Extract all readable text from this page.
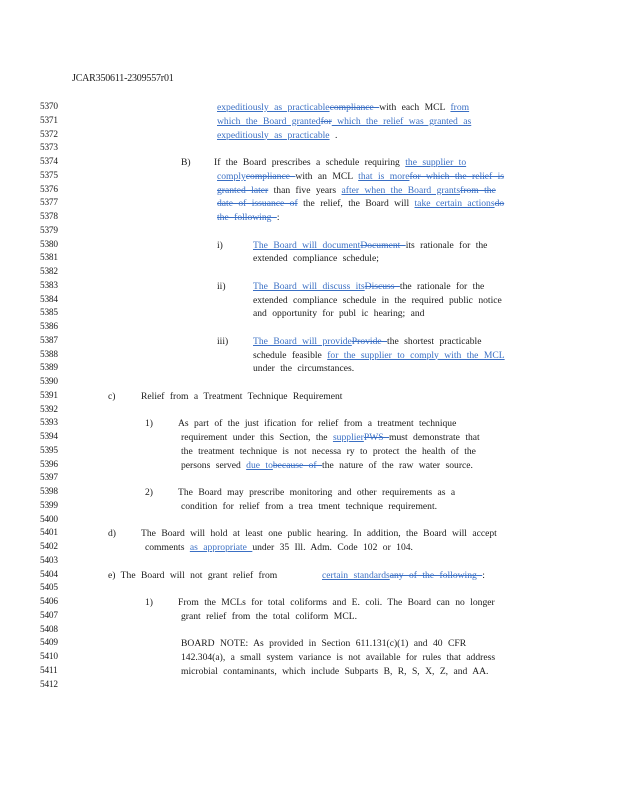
JCAR350611-2309557r01
5370
5371
5372
5373
5374
5375
5376
5377
5378
5379
5380
5381
5382
5383
5384
5385
5386
5387
5388
5389
5390
5391
5392
5393
5394
5395
5396
5397
5398
5399
5400
5401
5402
5403
5404
5405
5406
5407
5408
5409
5410
5411
5412
expeditiously as practicablecompliance with each MCL from
which the Board grantedfor which the relief was granted as
expeditiously as practicable .
B) If the Board prescribes a schedule requiring the supplier to
complycompliance with an MCL that is morefor which the relief is
granted later than five years after when the Board grantsfrom the
date of issuance of the relief, the Board will take certain actionsdo
the following :
i)	The Board will documentDocument its rationale for the
extended compliance schedule;
ii)	The Board will discuss itsDiscuss the rationale for the
extended compliance schedule in the required public notice
and opportunity for publ ic hearing; and
iii)	The Board will provideProvide the shortest practicable
schedule feasible for the supplier to comply with the MCL
under the circumstances.
c)	Relief from a Treatment Technique Requirement
1)	As part of the just ification for relief from a treatment technique
requirement under this Section, the supplierPWS must demonstrate that
the treatment technique is not necessa ry to protect the health of the
persons served due tobecause of the nature of the raw water source.
2)	The Board may prescribe monitoring and other requirements as a
condition for relief from a trea tment technique requirement.
d)	The Board will hold at least one public hearing. In addition, the Board will accept
comments as appropriate under 35 Ill. Adm. Code 102 or 104.
e) The Board will not grant relief from	certain standardsany of the following :
1)	From the MCLs for total coliforms and E. coli. The Board can no longer
grant relief from the total coliform MCL.
BOARD NOTE: As provided in Section 611.131(c)(1) and 40 CFR
142.304(a), a small system variance is not available for rules that address
microbial contaminants, which include Subparts B, R, S, X, Z, and AA.
